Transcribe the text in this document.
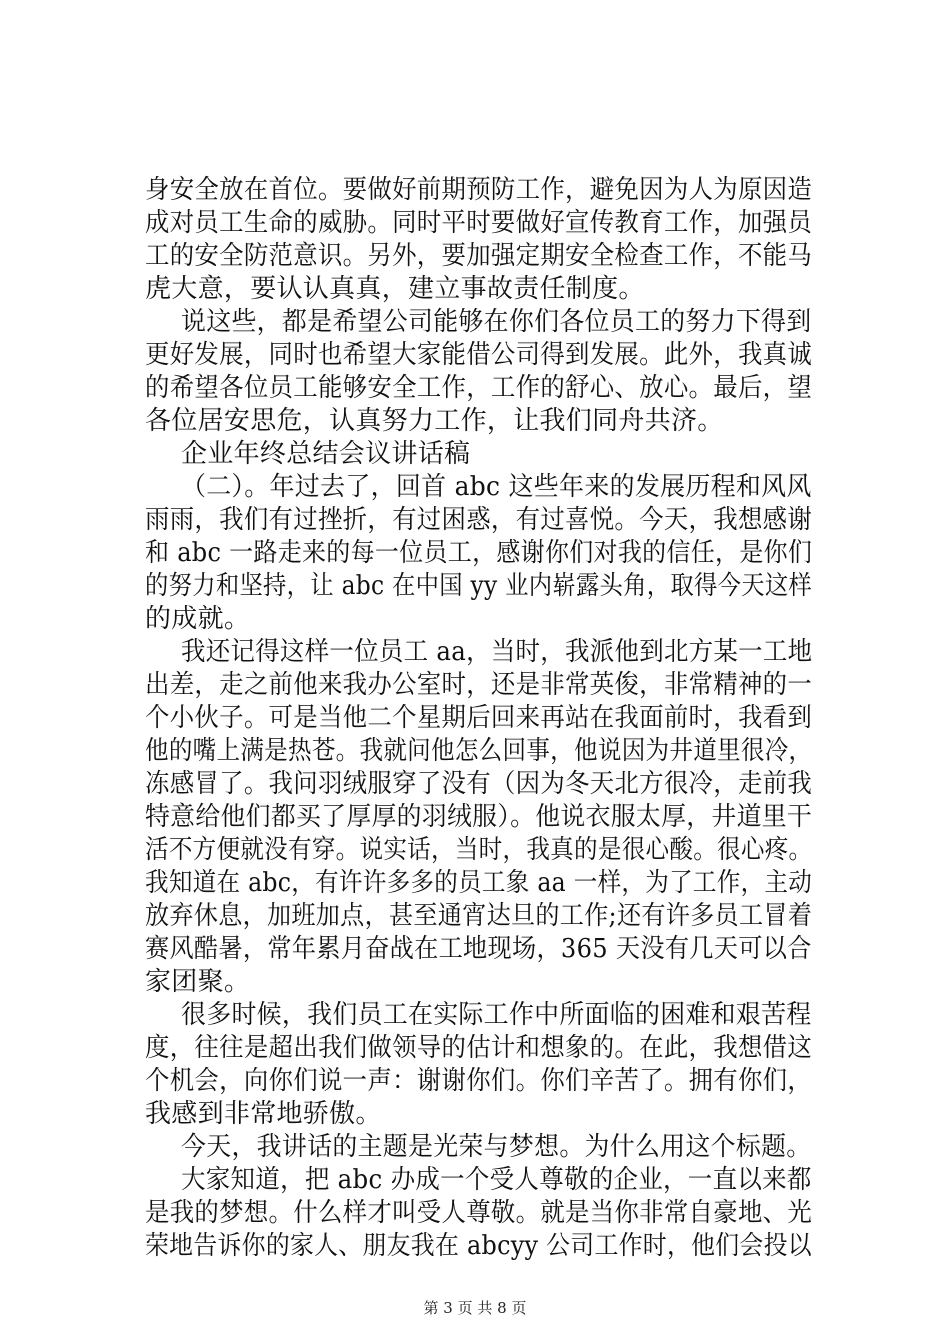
身安全放在首位。要做好前期预防工作，避免因为人为原因造
成对员工生命的威胁。同时平时要做好宣传教育工作，加强员
工的安全防范意识。另外，要加强定期安全检查工作，不能马
虎大意，要认认真真，建立事故责任制度。
说这些，都是希望公司能够在你们各位员工的努力下得到
更好发展，同时也希望大家能借公司得到发展。此外，我真诚
的希望各位员工能够安全工作，工作的舒心、放心。最后，望
各位居安思危，认真努力工作，让我们同舟共济。
企业年终总结会议讲话稿
（二）。年过去了，回首 abc 这些年来的发展历程和风风
雨雨，我们有过挫折，有过困惑，有过喜悦。今天，我想感谢
和 abc 一路走来的每一位员工，感谢你们对我的信任，是你们
的努力和坚持，让 abc 在中国 yy 业内崭露头角，取得今天这样
的成就。
我还记得这样一位员工 aa，当时，我派他到北方某一工地
出差，走之前他来我办公室时，还是非常英俊，非常精神的一
个小伙子。可是当他二个星期后回来再站在我面前时，我看到
他的嘴上满是热苍。我就问他怎么回事，他说因为井道里很冷，
冻感冒了。我问羽绒服穿了没有（因为冬天北方很冷，走前我
特意给他们都买了厚厚的羽绒服）。他说衣服太厚，井道里干
活不方便就没有穿。说实话，当时，我真的是很心酸。很心疼。
我知道在 abc，有许许多多的员工象 aa 一样，为了工作，主动
放弃休息，加班加点，甚至通宵达旦的工作;还有许多员工冒着
赛风酷暑，常年累月奋战在工地现场，365 天没有几天可以合
家团聚。
很多时候，我们员工在实际工作中所面临的困难和艰苦程
度，往往是超出我们做领导的估计和想象的。在此，我想借这
个机会，向你们说一声：谢谢你们。你们辛苦了。拥有你们，
我感到非常地骄傲。
今天，我讲话的主题是光荣与梦想。为什么用这个标题。
大家知道，把 abc 办成一个受人尊敬的企业，一直以来都
是我的梦想。什么样才叫受人尊敬。就是当你非常自豪地、光
荣地告诉你的家人、朋友我在 abcyy 公司工作时，他们会投以
第 3 页 共 8 页
